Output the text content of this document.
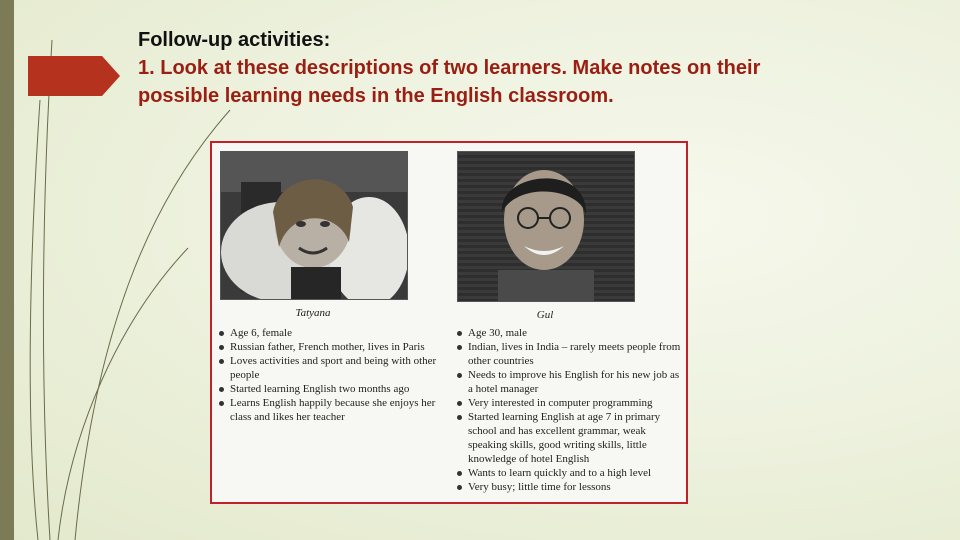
Follow-up activities:
1. Look at these descriptions of two learners. Make notes on their
possible learning needs in the English classroom.
Tatyana	Gul
Age 6, female
Russian father, French mother, lives in Paris
Loves activities and sport and being with other people
Started learning English two months ago
Learns English happily because she enjoys her class and likes her teacher
Age 30, male
Indian, lives in India – rarely meets people from other countries
Needs to improve his English for his new job as a hotel manager
Very interested in computer programming
Started learning English at age 7 in primary school and has excellent grammar, weak speaking skills, good writing skills, little knowledge of hotel English
Wants to learn quickly and to a high level
Very busy; little time for lessons
